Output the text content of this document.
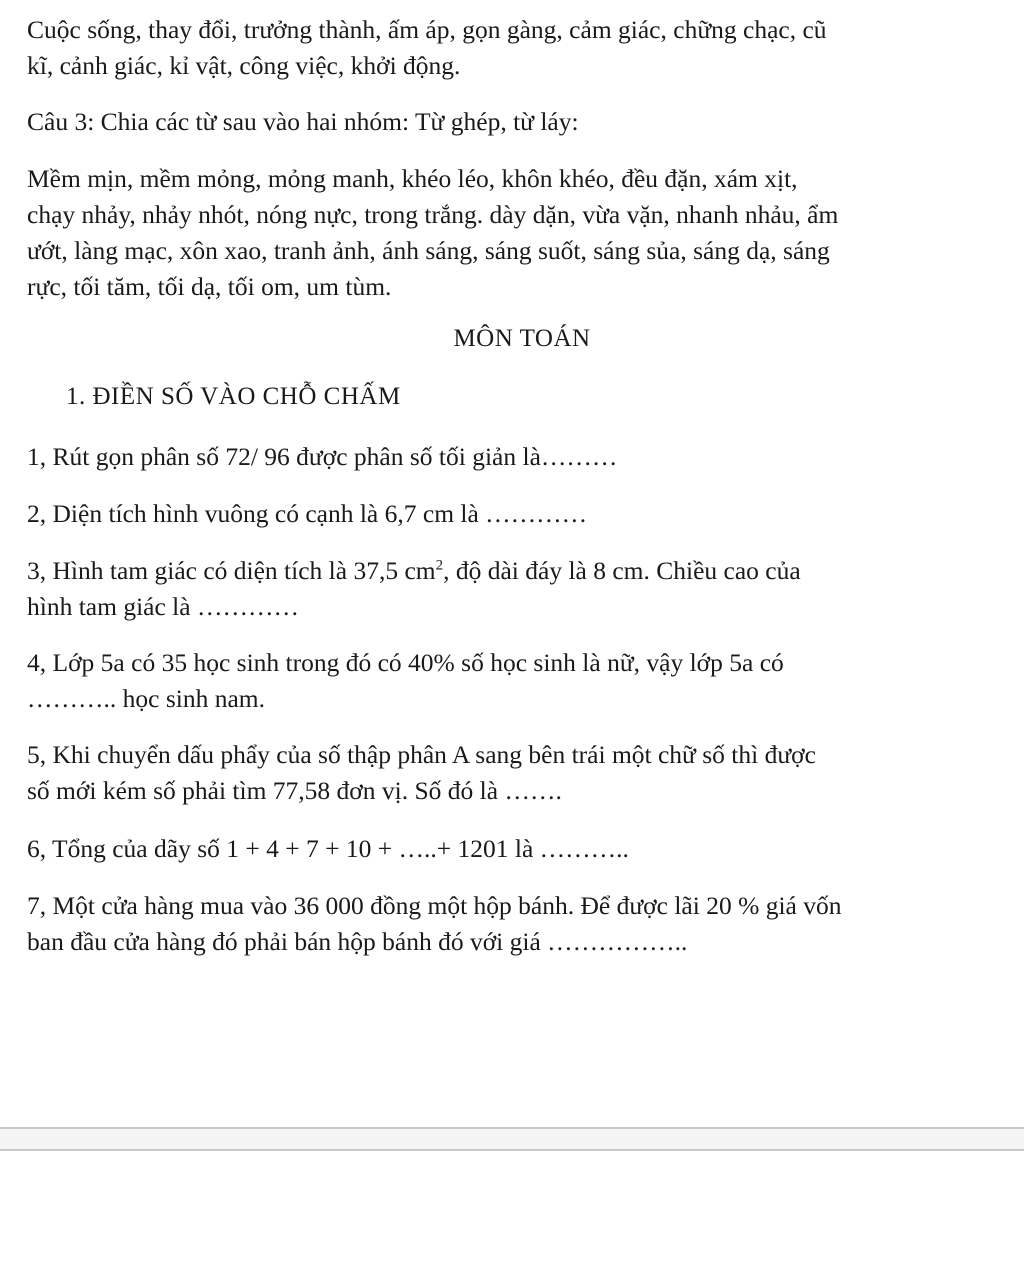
Cuộc sống, thay đổi, trưởng thành, ấm áp, gọn gàng, cảm giác, chững chạc, cũ
kĩ, cảnh giác, kỉ vật, công việc, khởi động.
Câu 3: Chia các từ sau vào hai nhóm: Từ ghép, từ láy:
Mềm mịn, mềm mỏng, mỏng manh, khéo léo, khôn khéo, đều đặn, xám xịt,
chạy nhảy, nhảy nhót, nóng nực, trong trắng. dày dặn, vừa vặn, nhanh nhảu, ẩm
ướt, làng mạc, xôn xao, tranh ảnh, ánh sáng, sáng suốt, sáng sủa, sáng dạ, sáng
rực, tối tăm, tối dạ, tối om, um tùm.
MÔN TOÁN
1. ĐIỀN SỐ VÀO CHỖ CHẤM
1, Rút gọn phân số 72/ 96 được phân số tối giản là………
2, Diện tích hình vuông có cạnh là 6,7 cm là …………
3, Hình tam giác có diện tích là 37,5 $cm^2$, độ dài đáy là 8 cm. Chiều cao của
hình tam giác là …………
4, Lớp 5a có 35 học sinh trong đó có 40% số học sinh là nữ, vậy lớp 5a có
……….. học sinh nam.
5, Khi chuyển dấu phẩy của số thập phân A sang bên trái một chữ số thì được
số mới kém số phải tìm 77,58 đơn vị. Số đó là …….
6, Tổng của dãy số 1 + 4 + 7 + 10 + …..+ 1201 là ………..
7, Một cửa hàng mua vào 36 000 đồng một hộp bánh. Để được lãi 20 % giá vốn
ban đầu cửa hàng đó phải bán hộp bánh đó với giá ……………..
